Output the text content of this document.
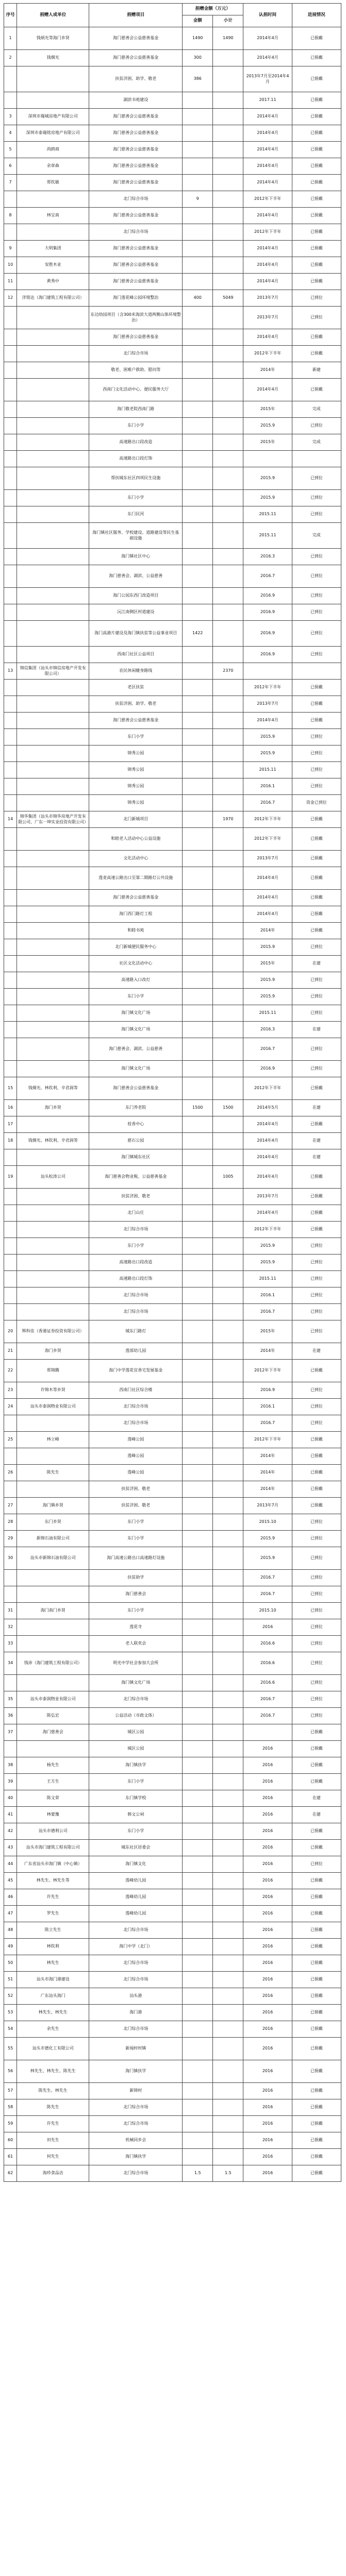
序号	捐赠人或单位	捐赠项目	捐赠金额（万元）		认捐时间	进展情况
			金额	小计		
1	钱炳光等海门乡贤	海门慈善会公益慈善基金	1490	1490	2014年4月	已捐戴
2	钱烱光	海门慈善会公益慈善基金	300		2014年4月	已捐戴
		扶贫济困、助学、敬老	386		2013年7月至2014年4月	已捐戴
		湖滨书苑建设			2017.11	已捐戴
3	深圳市瑞城房地产有限公司	海门慈善会公益慈善基金			2014年4月	已捐戴
4	深圳市泰瑞铭房地产有限公司	海门慈善会公益慈善基金			2014年4月	已捐戴
5	尚鸥商	海门慈善会公益慈善基金			2014年4月	已捐戴
6	余章森	海门慈善会公益慈善基金			2014年4月	已捐戴
7	郑钦敏	海门慈善会公益慈善基金			2014年4月	已捐戴
		北门综合市场	9		2012年下半年	已捐戴
8	林宝南	海门慈善会公益慈善基金			2014年4月	已捐戴
		北门综合市场			2012年下半年	已捐戴
9	大明集团	海门慈善会公益慈善基金			2014年4月	已捐戴
10	安胜木业	海门慈善会公益慈善基金			2014年4月	已捐戴
11	黄秀中	海门慈善会公益慈善基金			2014年4月	已捐戴
12	洋铭达（海门建筑工程有限公司）	海门莲花峰公园环境整治	400	5049	2013年7月	已到位
		东边幼园项目（含300米海滨大道两侧山体环境整治）			2013年7月	已到位
		海门慈善会公益慈善基金			2014年4月	已捐戴
		北门综合市场			2012年下半年	已捐戴
		敬老、困难户救助、慰问等			2014年	新建
		西南门文化活动中心、便民服务大厅			2014年4月	已捐戴
		海门敬老院西南门路			2015年	完成
		东门小学			2015.9	已到位
		高速路出口段改造			2015年	完成
		高速路出口段灯饰				
		帮扶城东社区四项民生设施			2015.9	已到位
		东门小学			2015.9	已到位
		东门民河			2015.11	已到位
		海门镇社区服务、学校建设、道路建设等民生基础设施			2015.11	完成
		海门镇社区中心			2016.3	已到位
		海门慈善会、湖滨、公益慈善			2016.7	已到位
		海门公园东西门改造项目			2016.9	已到位
		沅江南侧区村道建设			2016.9	已到位
		海门高港片建设及海门镇扶贫等公益事业项目	1422		2016.9	已到位
		西南门社区公益项目			2016.9	已到位
13	锦信集团（汕头市锦信房地产开发有限公司）	农民休闲健身路线		2370		
		老区扶贫			2012年下半年	已捐戴
		扶贫济困、助学、敬老			2013年7月	已捐戴
		海门慈善会公益慈善基金			2014年4月	已捐戴
		东门小学			2015.9	已到位
		锦秀公园			2015.9	已到位
		锦秀公园			2015.11	已到位
		锦秀公园			2016.1	已到位
		锦秀公园			2016.7	资金已到位
14	锦华集团（汕头市锦华房地产开发有限公司、广东一坤实业投资有限公司）	北门新城项目		1970	2012年下半年	已捐戴
		和睦老人活动中心公益设施			2012年下半年	已捐戴
		文化活动中心			2013年7月	已捐戴
		莲麦高速公路出口至第二期路灯公共设施			2014年4月	已捐戴
		海门慈善会公益慈善基金			2014年4月	已捐戴
		海门西门路灯工程			2014年4月	已捐戴
		和睦书苑			2014年	已捐戴
		北门新城便民服务中心			2015.9	已到位
		社区文化活动中心			2015年	在建
		高速路入口改灯			2015.9	已到位
		东门小学			2015.9	已到位
		海门镇文化广场			2015.11	已到位
		海门镇文化广场			2016.3	在建
		海门慈善会、湖滨、公益慈善			2016.7	已到位
		海门镇文化广场			2016.9	已到位
15	钱烱光、林钦利、辛君润等	海门慈善会公益慈善基金			2012年下半年	已捐戴
16	海门乡贤	东门养老院	1500	1500	2014年5月	在建
17		桂香中心			2014年4月	已捐戴
18	钱烱光、林钦利、辛君润等	慈石公园			2014年4月	在建
		海门镇城东社区			2014年4月	在建
19	汕头松涛公司	海门慈善会物业税、公益慈善基金		1005	2014年4月	已捐戴
		扶贫济困、敬老			2013年7月	已捐戴
		北门山庄			2014年4月	已捐戴
		北门综合市场			2012年下半年	已捐戴
		东门小学			2015.9	已到位
		高速路出口段改造			2015.9	已到位
		高速路出口段灯饰			2015.11	已到位
		北门综合市场			2016.1	已到位
		北门综合市场			2016.7	已到位
20	辉科佳（香港证券投资有限公司）	城东门路灯			2015年	已到位
21	海门乡贤	莲部幼儿园			2014年	在建
22	郑锦腾	海门中学莲花宜香宅发展基金			2012年下半年	已捐戴
23	许锦木等乡贤	西南门社区综合楼			2016.9	已到位
24	汕头市泰润物业有限公司	北门综合市场			2016.1	已到位
		北门综合市场			2016.7	已到位
25	林立峰	莲峰公园			2012年下半年	已捐戴
		莲峰公园			2014年	已捐戴
26	陈先生	莲峰公园			2014年	已捐戴
		扶贫济困、敬老			2014年	已捐戴
27	海门镇乡贤	扶贫济困、敬老			2013年7月	已捐戴
28	东门乡贤	东门小学			2015.10	已到位
29	新锦石油有限公司	东门小学			2015.9	已到位
30	汕头市新锦石油有限公司	海门高速公路出口高速路灯设施			2015.9	已到位
		扶贫助学			2016.7	已到位
		海门慈善会			2016.7	已到位
31	海门南门乡贤	东门小学			2015.10	已到位
32		莲花寺			2016	已到位
33		老人联欢会			2016.6	已到位
34	钱沛（海门建筑工程有限公司）	明光中学社会参加大会所			2016.6	已到位
		海门镇文化广场			2016.6	已到位
35	汕头市泰润物业有限公司	北门综合市场			2016.7	已到位
36	陈弘宏	公益活动（市政文体）			2016.7	已到位
37	海门慈善会	城区公园				已捐戴
		城区公园			2016	已捐戴
38	杨先生	海门镇扶学			2016	已捐戴
39	王方生	东门小学			2016	已捐戴
40	陈文荣	东门镇学校			2016	在建
41	林蒙豫	韩文公祠			2016	在建
42	汕头市德利公司	东门小学			2016	已捐戴
43	汕头市海门建筑工程有限公司	城东社区居委会			2016	已捐戴
44	广东省汕头市海门镇（中心镇）	海门镇文化			2016	已到位
45	林先生、林先生等	莲峰幼儿园			2016	已捐戴
46	许先生	莲峰幼儿园			2016	已捐戴
47	罗先生	莲峰幼儿园			2016	已捐戴
48	陈立先生	北门综合市场			2016	已捐戴
49	林钦利	海门中学（北门）			2016	已捐戴
50	林先生	北门综合市场			2016	已捐戴
51	汕头市海门港建设	北门综合市场			2016	已捐戴
52	广东汕头海门	汕头港			2016	已捐戴
53	林先生、林先生	海门港			2016	已捐戴
54	余先生	北门综合市场			2016	已捐戴
55	汕头市德化工有限公司	新闻村村镇			2016	已捐戴
56	林先生、林先生、陈先生	海门镇扶学			2016	已捐戴
57	陈先生、林先生	新锦村			2016	已捐戴
58	陈先生	北门综合市场			2016	已捐戴
59	许先生	北门综合市场			2016	已捐戴
60	田先生	机械同乡会			2016	已捐戴
61	何先生	海门镇扶学			2016	已捐戴
62	海珍食品店	北门综合市场	1.5	1.5	2016	已捐戴
